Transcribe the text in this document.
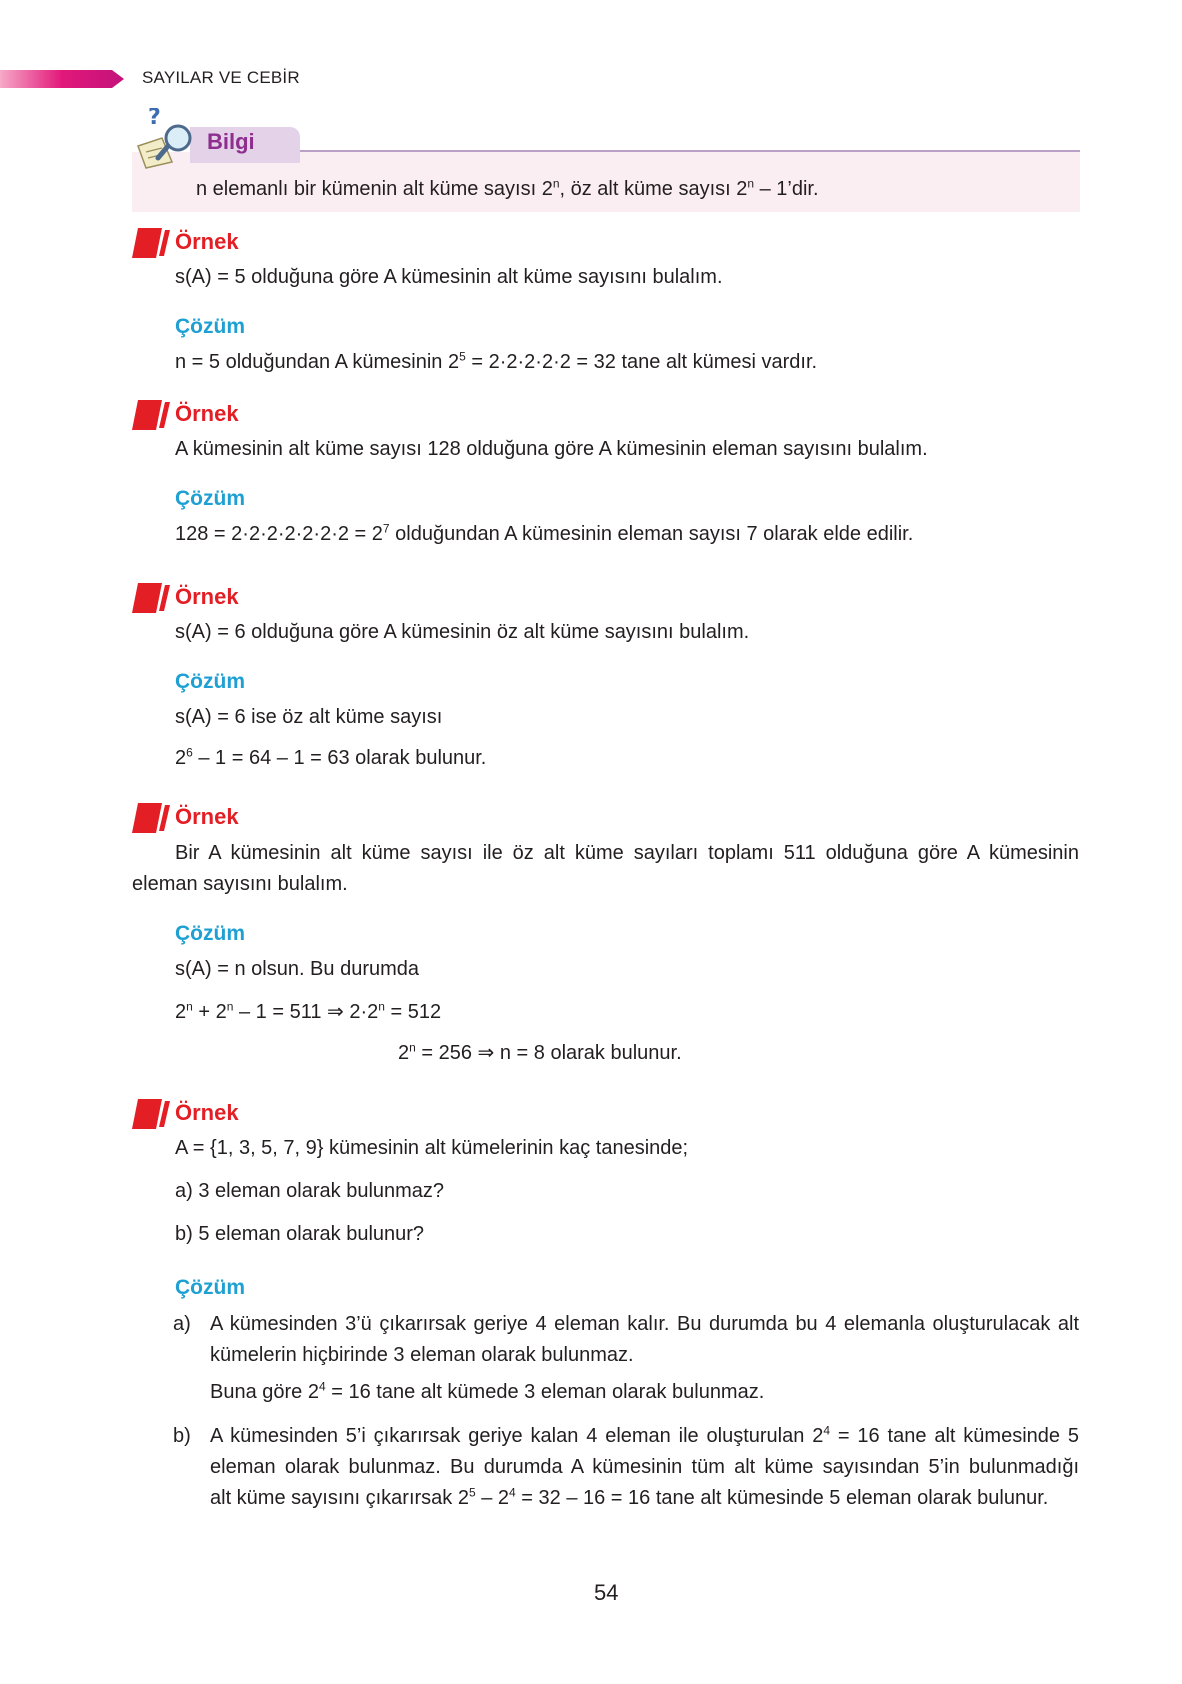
SAYILAR VE CEBİR
?
Bilgi
n elemanlı bir kümenin alt küme sayısı 2$^n$, öz alt küme sayısı 2$^n$ – 1’dir.
Örnek
s(A) = 5 olduğuna göre A kümesinin alt küme sayısını bulalım.
Çözüm
n = 5 olduğundan A kümesinin $2^5 = 2\cdot 2\cdot 2\cdot 2\cdot 2 = 32$ tane alt kümesi vardır.
Örnek
A kümesinin alt küme sayısı 128 olduğuna göre A kümesinin eleman sayısını bulalım.
Çözüm
$128 = 2\cdot 2\cdot 2\cdot 2\cdot 2\cdot 2\cdot 2 = 2^7$ olduğundan A kümesinin eleman sayısı 7 olarak elde edilir.
Örnek
s(A) = 6 olduğuna göre A kümesinin öz alt küme sayısını bulalım.
Çözüm
s(A) = 6 ise öz alt küme sayısı
$2^6 - 1 = 64 - 1 = 63$ olarak bulunur.
Örnek
Bir A kümesinin alt küme sayısı ile öz alt küme sayıları toplamı 511 olduğuna göre A kümesinin
eleman sayısını bulalım.
Çözüm
s(A) = n olsun. Bu durumda
$2^n + 2^n - 1 = 511$ ⇒ $2\cdot 2^n = 512$
$2^n = 256$ ⇒ n = 8 olarak bulunur.
Örnek
A = {1, 3, 5, 7, 9} kümesinin alt kümelerinin kaç tanesinde;
a) 3 eleman olarak bulunmaz?
b) 5 eleman olarak bulunur?
Çözüm
a) A kümesinden 3’ü çıkarırsak geriye 4 eleman kalır. Bu durumda bu 4 elemanla oluşturulacak alt
kümelerin hiçbirinde 3 eleman olarak bulunmaz.
Buna göre $2^4 = 16$ tane alt kümede 3 eleman olarak bulunmaz.
b) A kümesinden 5’i çıkarırsak geriye kalan 4 eleman ile oluşturulan $2^4 = 16$ tane alt kümesinde 5
eleman olarak bulunmaz. Bu durumda A kümesinin tüm alt küme sayısından 5’in bulunmadığı
alt küme sayısını çıkarırsak $2^5 - 2^4 = 32 - 16 = 16$ tane alt kümesinde 5 eleman olarak bulunur.
54
